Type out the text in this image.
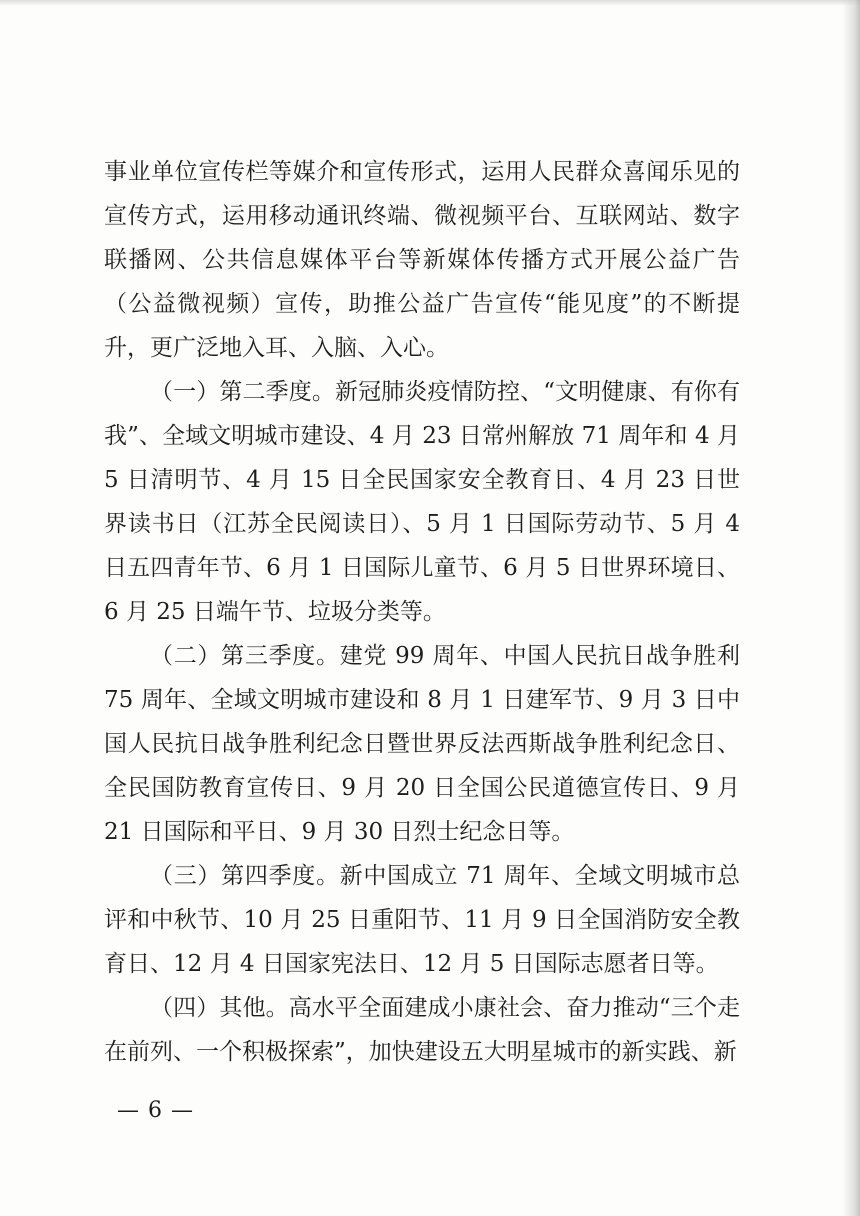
事业单位宣传栏等媒介和宣传形式，运用人民群众喜闻乐见的宣传方式，运用移动通讯终端、微视频平台、互联网站、数字联播网、公共信息媒体平台等新媒体传播方式开展公益广告（公益微视频）宣传，助推公益广告宣传“能见度”的不断提升，更广泛地入耳、入脑、入心。

（一）第二季度。新冠肺炎疫情防控、“文明健康、有你有我”、全域文明城市建设、4 月 23 日常州解放 71 周年和 4 月 5 日清明节、4 月 15 日全民国家安全教育日、4 月 23 日世界读书日（江苏全民阅读日）、5 月 1 日国际劳动节、5 月 4 日五四青年节、6 月 1 日国际儿童节、6 月 5 日世界环境日、6 月 25 日端午节、垃圾分类等。

（二）第三季度。建党 99 周年、中国人民抗日战争胜利 75 周年、全域文明城市建设和 8 月 1 日建军节、9 月 3 日中国人民抗日战争胜利纪念日暨世界反法西斯战争胜利纪念日、全民国防教育宣传日、9 月 20 日全国公民道德宣传日、9 月 21 日国际和平日、9 月 30 日烈士纪念日等。

（三）第四季度。新中国成立 71 周年、全域文明城市总评和中秋节、10 月 25 日重阳节、11 月 9 日全国消防安全教育日、12 月 4 日国家宪法日、12 月 5 日国际志愿者日等。

（四）其他。高水平全面建成小康社会、奋力推动“三个走在前列、一个积极探索”，加快建设五大明星城市的新实践、新

— 6 —
